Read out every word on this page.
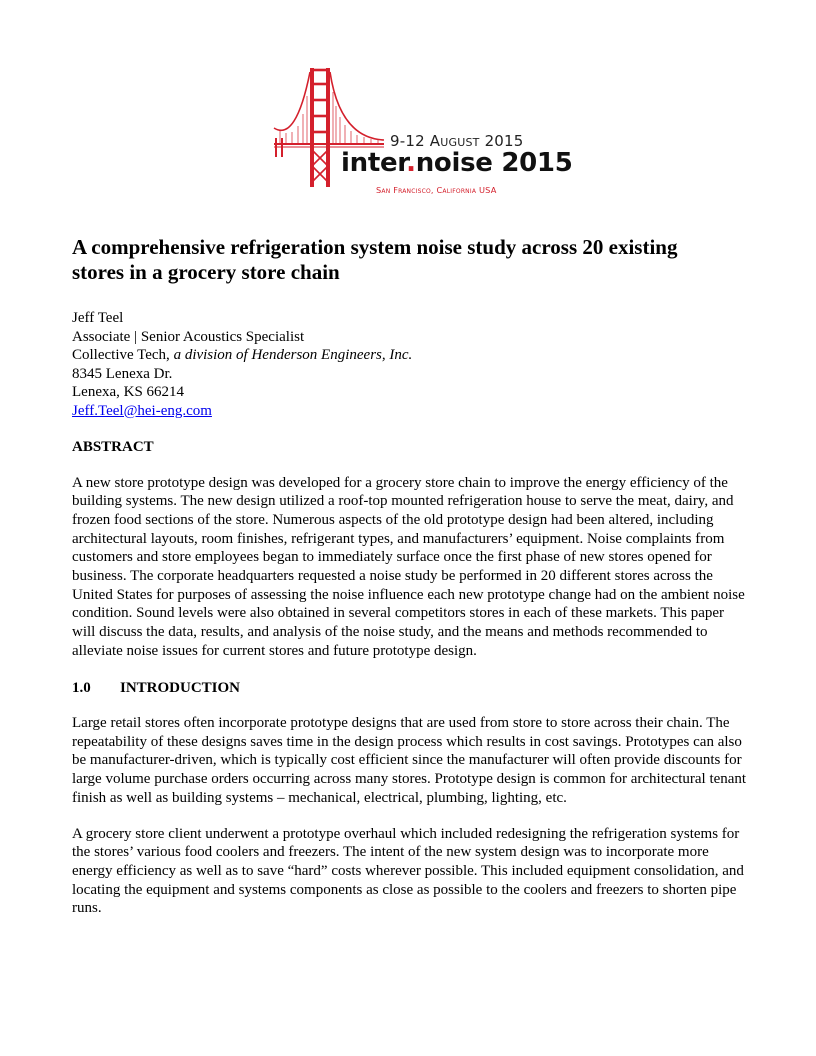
9-12 August 2015
inter.noise 2015
San Francisco, California USA
A comprehensive refrigeration system noise study across 20 existing stores in a grocery store chain
Jeff Teel
Associate | Senior Acoustics Specialist
Collective Tech, a division of Henderson Engineers, Inc.
8345 Lenexa Dr.
Lenexa, KS 66214
Jeff.Teel@hei-eng.com
ABSTRACT
A new store prototype design was developed for a grocery store chain to improve the energy efficiency of the building systems. The new design utilized a roof-top mounted refrigeration house to serve the meat, dairy, and frozen food sections of the store. Numerous aspects of the old prototype design had been altered, including architectural layouts, room finishes, refrigerant types, and manufacturers’ equipment. Noise complaints from customers and store employees began to immediately surface once the first phase of new stores opened for business. The corporate headquarters requested a noise study be performed in 20 different stores across the United States for purposes of assessing the noise influence each new prototype change had on the ambient noise condition. Sound levels were also obtained in several competitors stores in each of these markets. This paper will discuss the data, results, and analysis of the noise study, and the means and methods recommended to alleviate noise issues for current stores and future prototype design.
1.0 INTRODUCTION
Large retail stores often incorporate prototype designs that are used from store to store across their chain. The repeatability of these designs saves time in the design process which results in cost savings. Prototypes can also be manufacturer-driven, which is typically cost efficient since the manufacturer will often provide discounts for large volume purchase orders occurring across many stores. Prototype design is common for architectural tenant finish as well as building systems – mechanical, electrical, plumbing, lighting, etc.
A grocery store client underwent a prototype overhaul which included redesigning the refrigeration systems for the stores’ various food coolers and freezers. The intent of the new system design was to incorporate more energy efficiency as well as to save “hard” costs wherever possible. This included equipment consolidation, and locating the equipment and systems components as close as possible to the coolers and freezers to shorten pipe runs.
